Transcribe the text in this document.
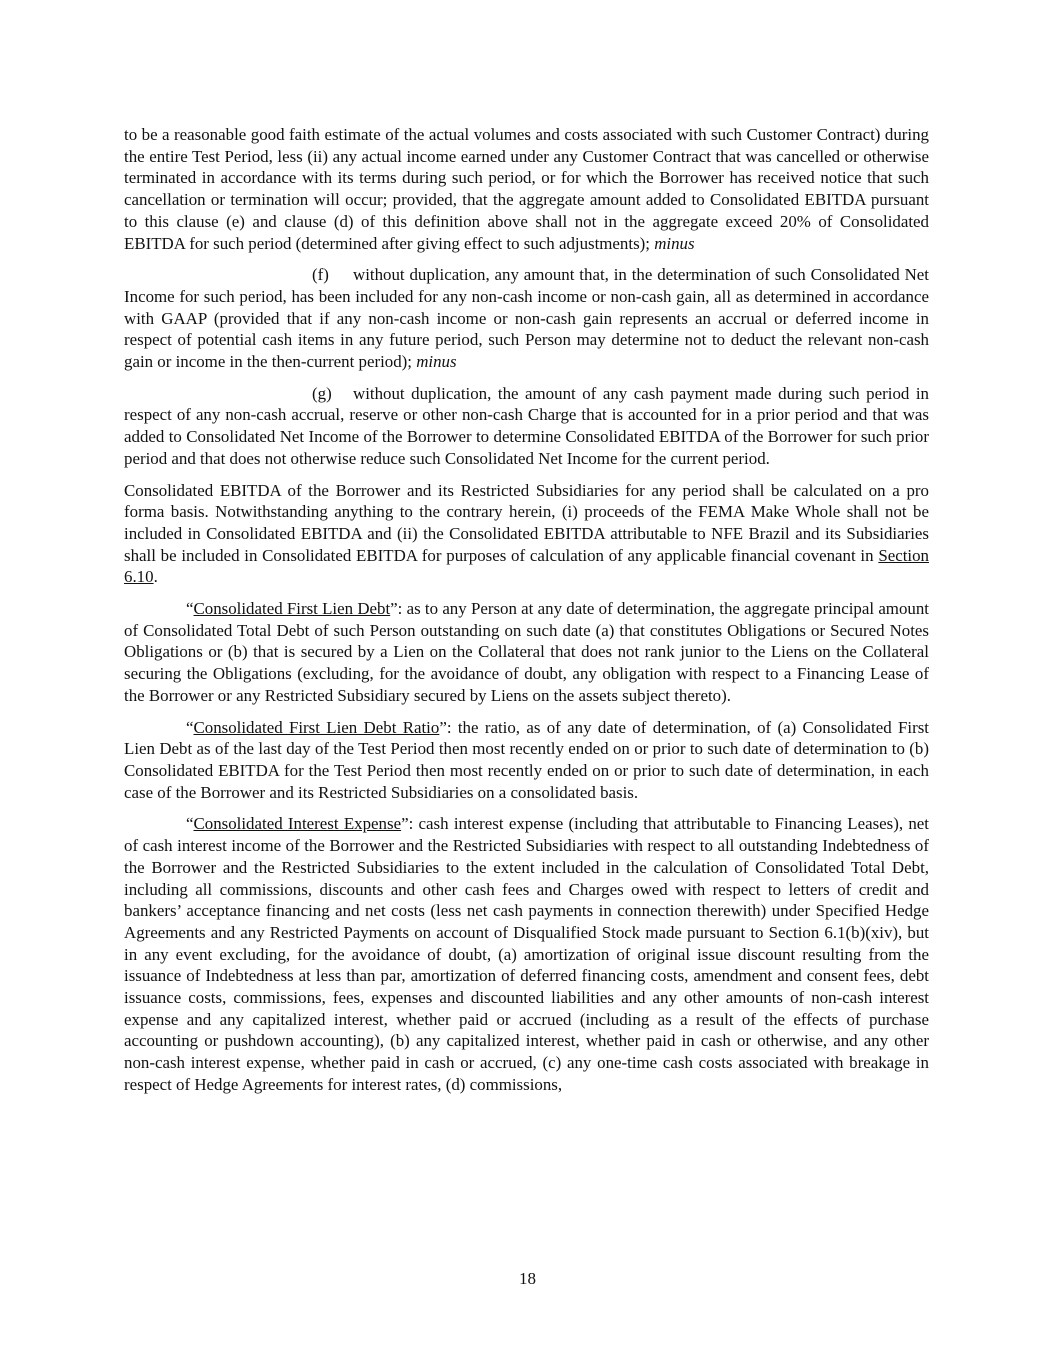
to be a reasonable good faith estimate of the actual volumes and costs associated with such Customer Contract) during the entire Test Period, less (ii) any actual income earned under any Customer Contract that was cancelled or otherwise terminated in accordance with its terms during such period, or for which the Borrower has received notice that such cancellation or termination will occur; provided, that the aggregate amount added to Consolidated EBITDA pursuant to this clause (e) and clause (d) of this definition above shall not in the aggregate exceed 20% of Consolidated EBITDA for such period (determined after giving effect to such adjustments); minus

(f) without duplication, any amount that, in the determination of such Consolidated Net Income for such period, has been included for any non-cash income or non-cash gain, all as determined in accordance with GAAP (provided that if any non-cash income or non-cash gain represents an accrual or deferred income in respect of potential cash items in any future period, such Person may determine not to deduct the relevant non-cash gain or income in the then-current period); minus

(g) without duplication, the amount of any cash payment made during such period in respect of any non-cash accrual, reserve or other non-cash Charge that is accounted for in a prior period and that was added to Consolidated Net Income of the Borrower to determine Consolidated EBITDA of the Borrower for such prior period and that does not otherwise reduce such Consolidated Net Income for the current period.

Consolidated EBITDA of the Borrower and its Restricted Subsidiaries for any period shall be calculated on a pro forma basis. Notwithstanding anything to the contrary herein, (i) proceeds of the FEMA Make Whole shall not be included in Consolidated EBITDA and (ii) the Consolidated EBITDA attributable to NFE Brazil and its Subsidiaries shall be included in Consolidated EBITDA for purposes of calculation of any applicable financial covenant in Section 6.10.

“Consolidated First Lien Debt”: as to any Person at any date of determination, the aggregate principal amount of Consolidated Total Debt of such Person outstanding on such date (a) that constitutes Obligations or Secured Notes Obligations or (b) that is secured by a Lien on the Collateral that does not rank junior to the Liens on the Collateral securing the Obligations (excluding, for the avoidance of doubt, any obligation with respect to a Financing Lease of the Borrower or any Restricted Subsidiary secured by Liens on the assets subject thereto).

“Consolidated First Lien Debt Ratio”: the ratio, as of any date of determination, of (a) Consolidated First Lien Debt as of the last day of the Test Period then most recently ended on or prior to such date of determination to (b) Consolidated EBITDA for the Test Period then most recently ended on or prior to such date of determination, in each case of the Borrower and its Restricted Subsidiaries on a consolidated basis.

“Consolidated Interest Expense”: cash interest expense (including that attributable to Financing Leases), net of cash interest income of the Borrower and the Restricted Subsidiaries with respect to all outstanding Indebtedness of the Borrower and the Restricted Subsidiaries to the extent included in the calculation of Consolidated Total Debt, including all commissions, discounts and other cash fees and Charges owed with respect to letters of credit and bankers’ acceptance financing and net costs (less net cash payments in connection therewith) under Specified Hedge Agreements and any Restricted Payments on account of Disqualified Stock made pursuant to Section 6.1(b)(xiv), but in any event excluding, for the avoidance of doubt, (a) amortization of original issue discount resulting from the issuance of Indebtedness at less than par, amortization of deferred financing costs, amendment and consent fees, debt issuance costs, commissions, fees, expenses and discounted liabilities and any other amounts of non-cash interest expense and any capitalized interest, whether paid or accrued (including as a result of the effects of purchase accounting or pushdown accounting), (b) any capitalized interest, whether paid in cash or otherwise, and any other non-cash interest expense, whether paid in cash or accrued, (c) any one-time cash costs associated with breakage in respect of Hedge Agreements for interest rates, (d) commissions,

18
